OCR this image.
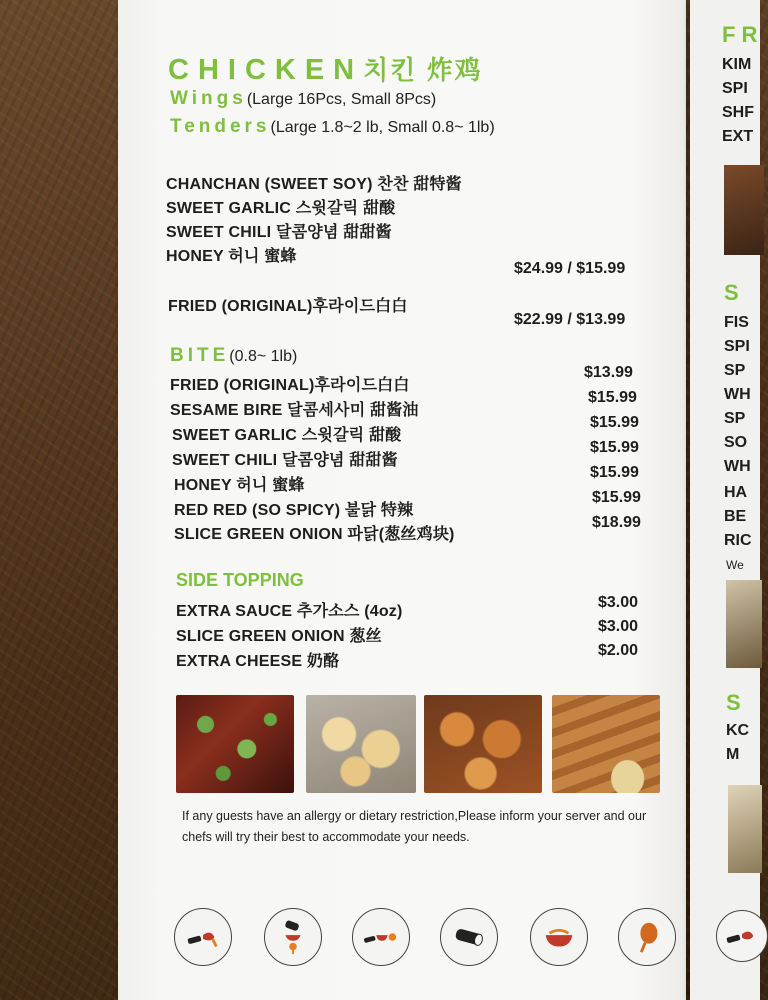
CHICKEN치킨 炸鸡
Wings(Large 16Pcs, Small 8Pcs)
Tenders(Large 1.8~2 lb, Small 0.8~ 1lb)
CHANCHAN (SWEET SOY) 찬찬 甜特酱
SWEET GARLIC 스윗갈릭 甜酸
SWEET CHILI 달콤양념 甜甜酱
HONEY 허니 蜜蜂
$24.99 / $15.99
FRIED (ORIGINAL)후라이드白白
$22.99 / $13.99
BITE(0.8~ 1lb)
FRIED (ORIGINAL)후라이드白白
$13.99
SESAME BIRE 달콤세사미 甜酱油
$15.99
SWEET GARLIC 스윗갈릭 甜酸
$15.99
SWEET CHILI 달콤양념 甜甜酱
$15.99
HONEY 허니 蜜蜂
$15.99
RED RED (SO SPICY) 불닭 特辣
$15.99
SLICE GREEN ONION 파닭(葱丝鸡块)
$18.99
SIDE TOPPING
EXTRA SAUCE 추가소스 (4oz)
$3.00
SLICE GREEN ONION 葱丝
$3.00
EXTRA CHEESE 奶酪
$2.00
If any guests have an allergy or dietary restriction,Please inform your server and our chefs will try their best to accommodate your needs.
FR
KIM
SPI
SHF
EXT
S
FIS
SPI
SP
WH
SP
SO
WH
HA
BE
RIC
We
S
KC
M
